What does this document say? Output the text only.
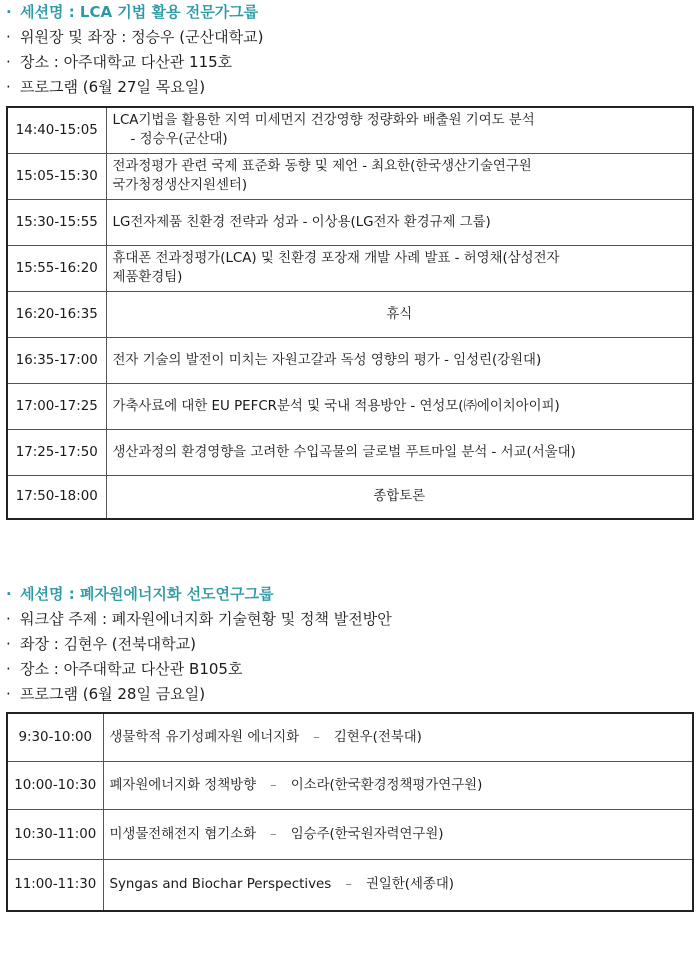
· 세션명 : LCA 기법 활용 전문가그룹
· 위원장 및 좌장 : 정승우 (군산대학교)
· 장소 : 아주대학교 다산관 115호
· 프로그램 (6월 27일 목요일)
14:40-15:05	LCA기법을 활용한 지역 미세먼지 건강영향 정량화와 배출원 기여도 분석
- 정승우(군산대)

15:05-15:30	전과정평가 관련 국제 표준화 동향 및 제언 - 최요한(한국생산기술연구원
국가청정생산지원센터)

15:30-15:55	LG전자제품 친환경 전략과 성과 - 이상용(LG전자 환경규제 그룹)
15:55-16:20	휴대폰 전과정평가(LCA) 및 친환경 포장재 개발 사례 발표 - 허영채(삼성전자
제품환경팀)

16:20-16:35	휴식
16:35-17:00	전자 기술의 발전이 미치는 자원고갈과 독성 영향의 평가 - 임성린(강원대)
17:00-17:25	가축사료에 대한 EU PEFCR분석 및 국내 적용방안 - 연성모(㈜에이치아이피)
17:25-17:50	생산과정의 환경영향을 고려한 수입곡물의 글로벌 푸트마일 분석 - 서교(서울대)
17:50-18:00	종합토론
· 세션명 : 폐자원에너지화 선도연구그룹
· 워크샵 주제 : 폐자원에너지화 기술현황 및 정책 발전방안
· 좌장 : 김현우 (전북대학교)
· 장소 : 아주대학교 다산관 B105호
· 프로그램 (6월 28일 금요일)
9:30-10:00	생물학적 유기성폐자원 에너지화 – 김현우(전북대)
10:00-10:30	폐자원에너지화 정책방향 – 이소라(한국환경정책평가연구원)
10:30-11:00	미생물전해전지 혐기소화 – 임승주(한국원자력연구원)
11:00-11:30	Syngas and Biochar Perspectives – 권일한(세종대)
